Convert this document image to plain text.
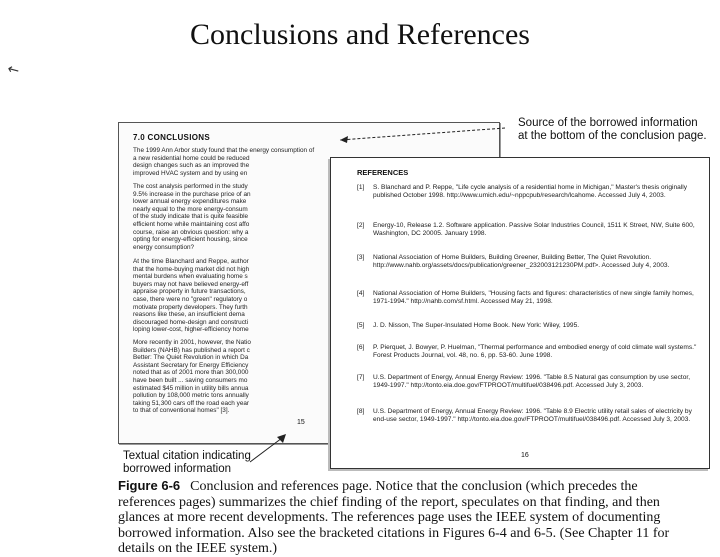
Conclusions and References
↖
7.0 CONCLUSIONS
The 1999 Ann Arbor study found that the energy consumption of
a new residential home could be reduced
design changes such as an improved the
improved HVAC system and by using en
The cost analysis performed in the study
9.5% increase in the purchase price of an
lower annual energy expenditures make
nearly equal to the more energy-consum
of the study indicate that is quite feasible
efficient home while maintaining cost affo
course, raise an obvious question: why a
opting for energy-efficient housing, since
energy consumption?
At the time Blanchard and Reppe, author
that the home-buying market did not high
mental burdens when evaluating home s
buyers may not have believed energy-eff
appraise property in future transactions,
case, there were no "green" regulatory o
motivate property developers. They furth
reasons like these, an insufficient dema
discouraged home-design and constructi
loping lower-cost, higher-efficiency home
More recently in 2001, however, the Natio
Builders (NAHB) has published a report c
Better: The Quiet Revolution in which Da
Assistant Secretary for Energy Efficiency
noted that as of 2001 more than 300,000
have been built ... saving consumers mo
estimated $45 million in utility bills annua
pollution by 108,000 metric tons annually
taking 51,300 cars off the road each year
to that of conventional homes" [3].
15
REFERENCES
[1] S. Blanchard and P. Reppe, "Life cycle analysis of a residential home in Michigan," Master's thesis originally published October 1998. http://www.umich.edu/~nppcpub/research/lcahome. Accessed July 4, 2003.
[2] Energy-10, Release 1.2. Software application. Passive Solar Industries Council, 1511 K Street, NW, Suite 600, Washington, DC 20005. January 1998.
[3] National Association of Home Builders, Building Greener, Building Better, The Quiet Revolution. http://www.nahb.org/assets/docs/publication/greener_232003121230PM.pdf>. Accessed July 4, 2003.
[4] National Association of Home Builders, "Housing facts and figures: characteristics of new single family homes, 1971-1994." http://nahb.com/sf.html. Accessed May 21, 1998.
[5] J. D. Nisson, The Super-Insulated Home Book. New York: Wiley, 1995.
[6] P. Pierquet, J. Bowyer, P. Huelman, "Thermal performance and embodied energy of cold climate wall systems." Forest Products Journal, vol. 48, no. 6, pp. 53-60. June 1998.
[7] U.S. Department of Energy, Annual Energy Review: 1996. "Table 8.5 Natural gas consumption by use sector, 1949-1997." http://tonto.eia.doe.gov/FTPROOT/multifuel/038496.pdf. Accessed July 3, 2003.
[8] U.S. Department of Energy, Annual Energy Review: 1996. "Table 8.9 Electric utility retail sales of electricity by end-use sector, 1949-1997." http://tonto.eia.doe.gov/FTPROOT/multifuel/038496.pdf. Accessed July 3, 2003.
16
Source of the borrowed information at the bottom of the conclusion page.
Textual citation indicating borrowed information
Figure 6-6 Conclusion and references page. Notice that the conclusion (which precedes the references pages) summarizes the chief finding of the report, speculates on that finding, and then glances at more recent developments. The references page uses the IEEE system of documenting borrowed information. Also see the bracketed citations in Figures 6-4 and 6-5. (See Chapter 11 for details on the IEEE system.)
